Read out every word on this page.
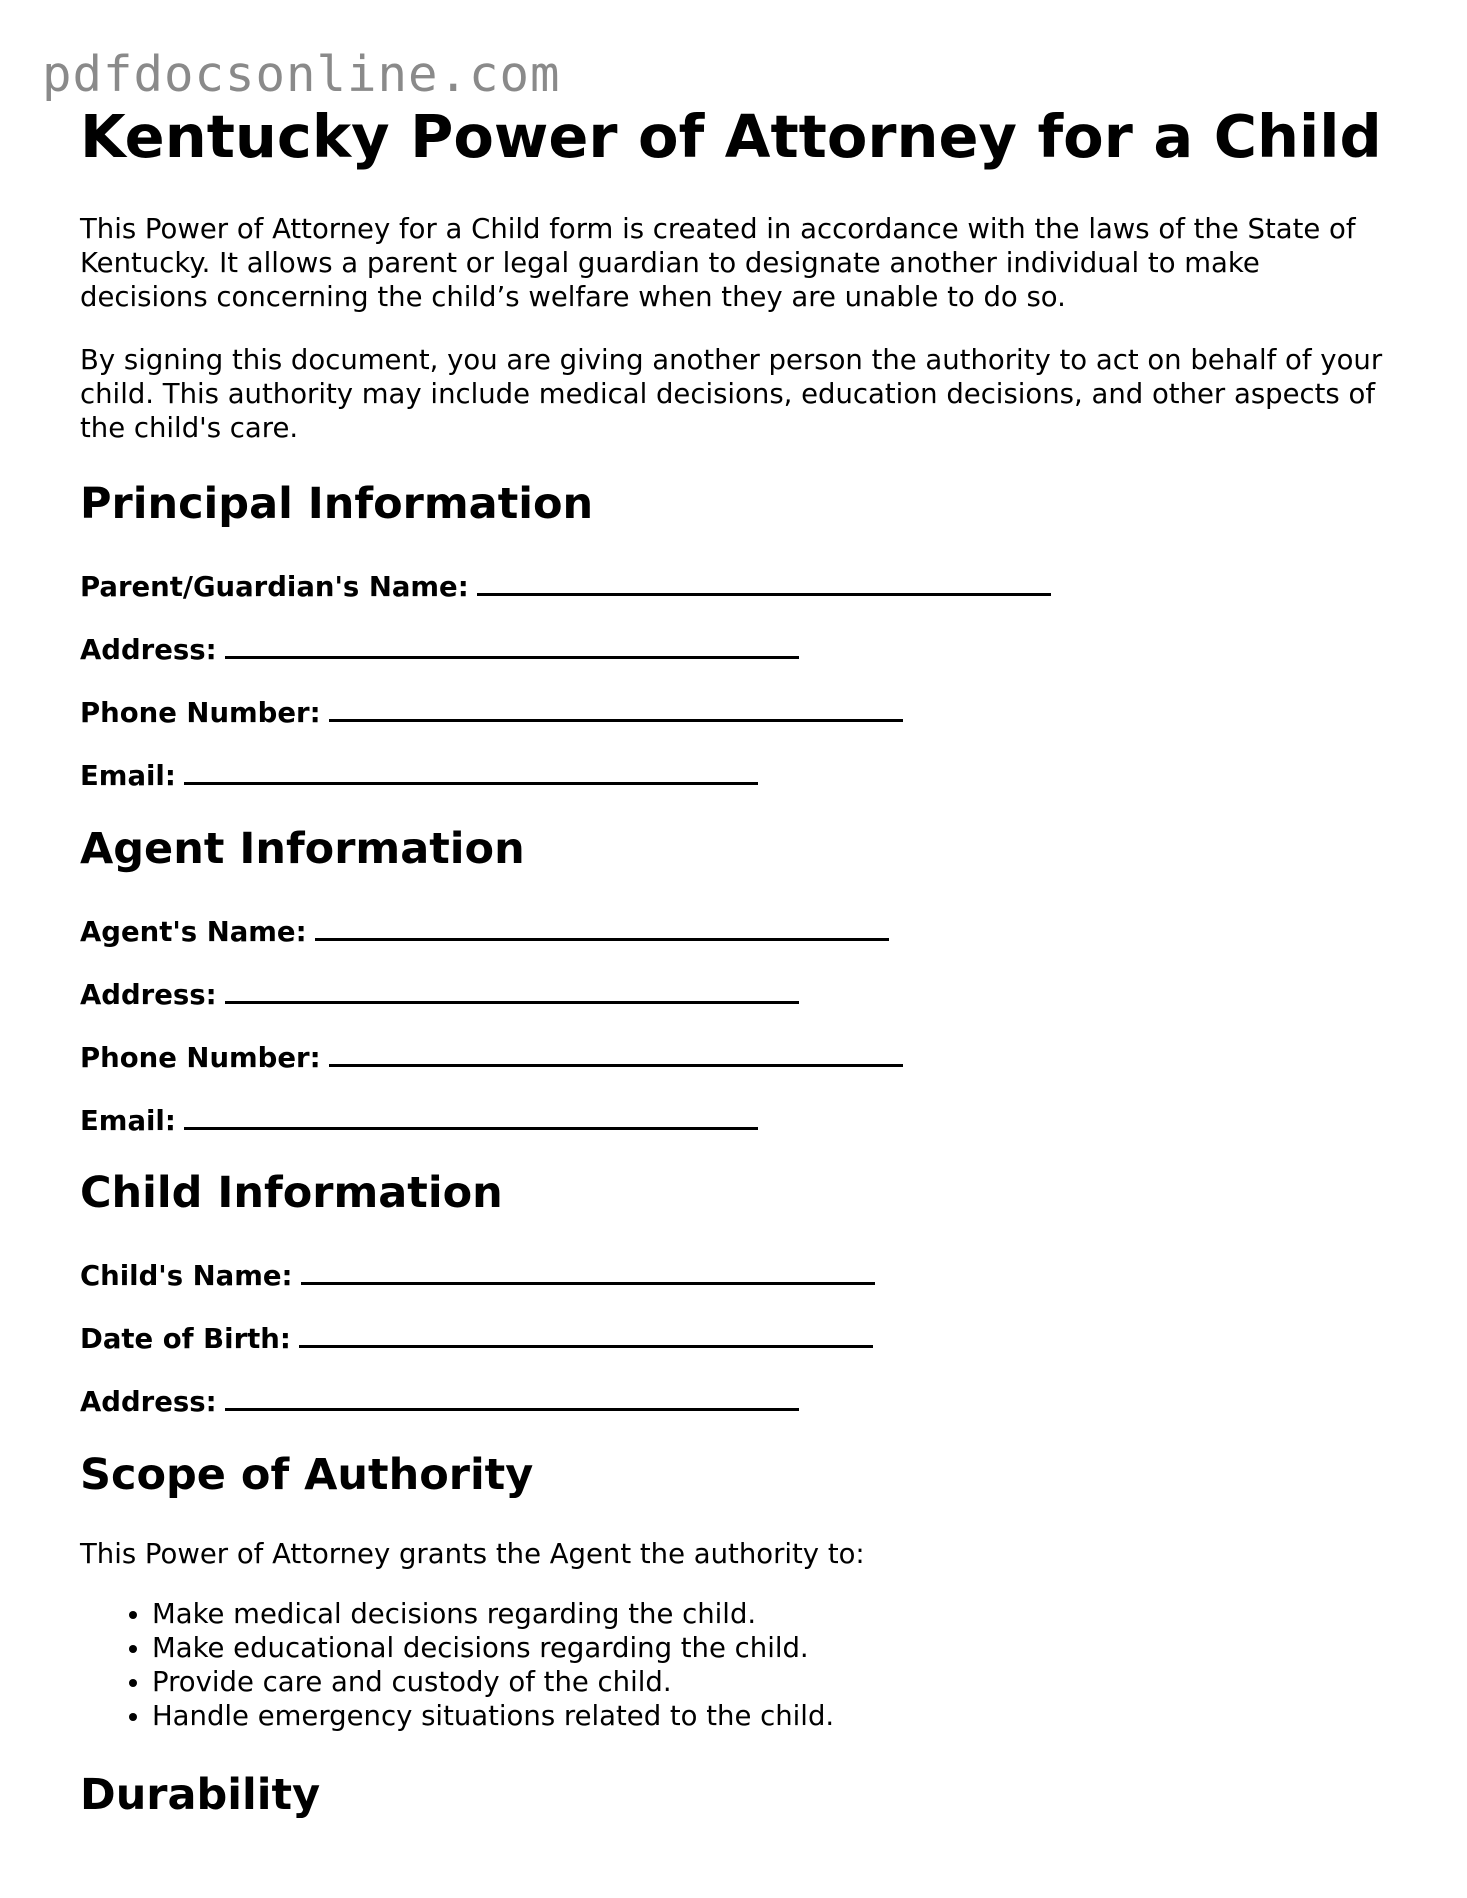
pdfdocsonline.com
Kentucky Power of Attorney for a Child

This Power of Attorney for a Child form is created in accordance with the laws of the State of Kentucky. It allows a parent or legal guardian to designate another individual to make decisions concerning the child’s welfare when they are unable to do so.

By signing this document, you are giving another person the authority to act on behalf of your child. This authority may include medical decisions, education decisions, and other aspects of the child's care.

Principal Information
Parent/Guardian's Name:
Address:
Phone Number:
Email:
Agent Information
Agent's Name:
Address:
Phone Number:
Email:
Child Information
Child's Name:
Date of Birth:
Address:
Scope of Authority

This Power of Attorney grants the Agent the authority to:

• Make medical decisions regarding the child.
• Make educational decisions regarding the child.
• Provide care and custody of the child.
• Handle emergency situations related to the child.
Durability
